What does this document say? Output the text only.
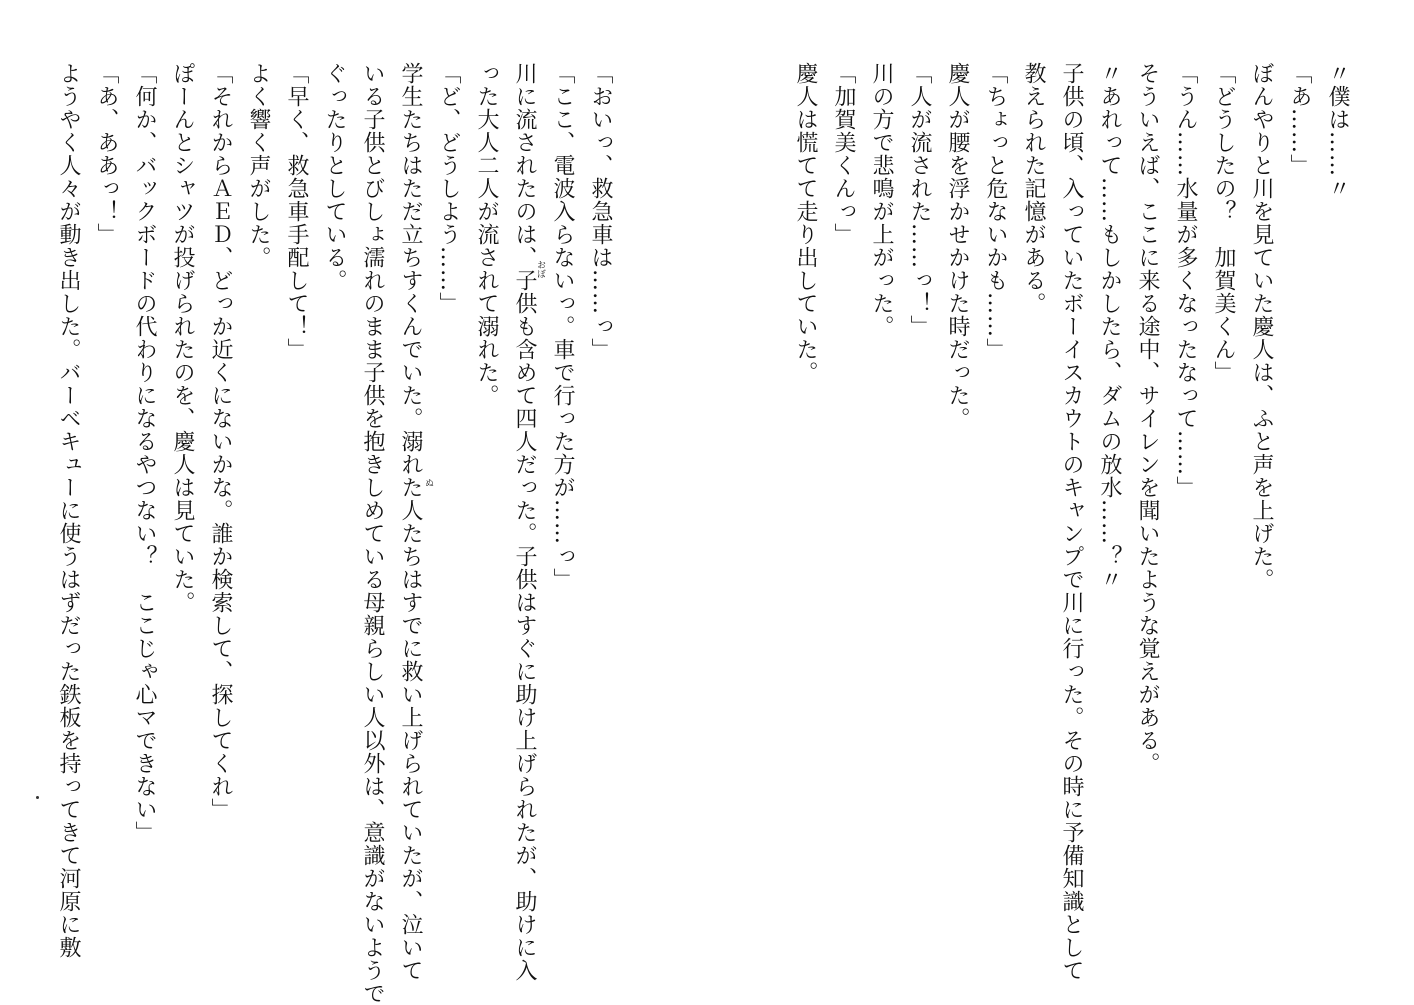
〃僕は……〃
「あ……」
ぼんやりと川を見ていた慶人は、ふと声を上げた。
「どうしたの？　加賀美くん」
「うん……水量が多くなったなって……」
そういえば、ここに来る途中、サイレンを聞いたような覚えがある。
〃あれって……もしかしたら、ダムの放水……？〃
子供の頃、入っていたボーイスカウトのキャンプで川に行った。その時に予備知識として
教えられた記憶がある。
「ちょっと危ないかも……」
慶人が腰を浮かせかけた時だった。
「人が流された……っ！」
川の方で悲鳴が上がった。
「加賀美くんっ」
慶人は慌てて走り出していた。
「おいっ、救急車は……っ」
「ここ、電波入らないっ。車で行った方が……っ」
川に流されたのは、子供も含めて四人だった。子供はすぐに助け上げられたが、助けに入
った大人二人が流されて溺れた。
「ど、どうしよう……」
学生たちはただ立ちすくんでいた。溺れた人たちはすでに救い上げられていたが、泣いて
いる子供とびしょ濡れのまま子供を抱きしめている母親らしい人以外は、意識がないようで
ぐったりとしている。
「早く、救急車手配して！」
よく響く声がした。
「それからＡＥＤ、どっか近くにないかな。誰か検索して、探してくれ」
ぽーんとシャツが投げられたのを、慶人は見ていた。
「何か、バックボードの代わりになるやつない？　ここじゃ心マできない」
「あ、ああっ！」
ようやく人々が動き出した。バーベキューに使うはずだった鉄板を持ってきて河原に敷	おぼ
ぬ
